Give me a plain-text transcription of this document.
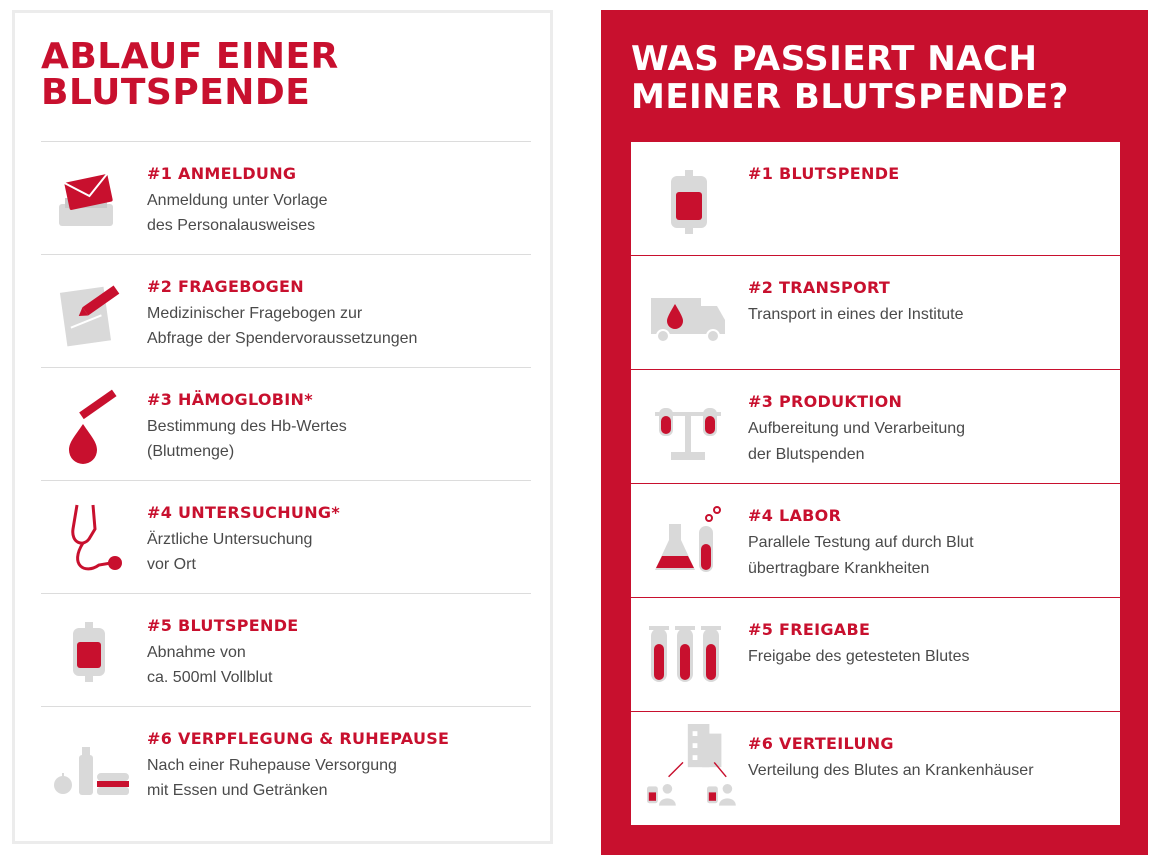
ABLAUF EINER
BLUTSPENDE
#1 ANMELDUNG
Anmeldung unter Vorlage
des Personalausweises
#2 FRAGEBOGEN
Medizinischer Fragebogen zur
Abfrage der Spendervoraussetzungen
#3 HÄMOGLOBIN*
Bestimmung des Hb-Wertes
(Blutmenge)
#4 UNTERSUCHUNG*
Ärztliche Untersuchung
vor Ort
#5 BLUTSPENDE
Abnahme von
ca. 500ml Vollblut
#6 VERPFLEGUNG & RUHEPAUSE
Nach einer Ruhepause Versorgung
mit Essen und Getränken
WAS PASSIERT NACH
MEINER BLUTSPENDE?
#1 BLUTSPENDE
#2 TRANSPORT
Transport in eines der Institute
#3 PRODUKTION
Aufbereitung und Verarbeitung
der Blutspenden
#4 LABOR
Parallele Testung auf durch Blut
übertragbare Krankheiten
#5 FREIGABE
Freigabe des getesteten Blutes
#6 VERTEILUNG
Verteilung des Blutes an Krankenhäuser
